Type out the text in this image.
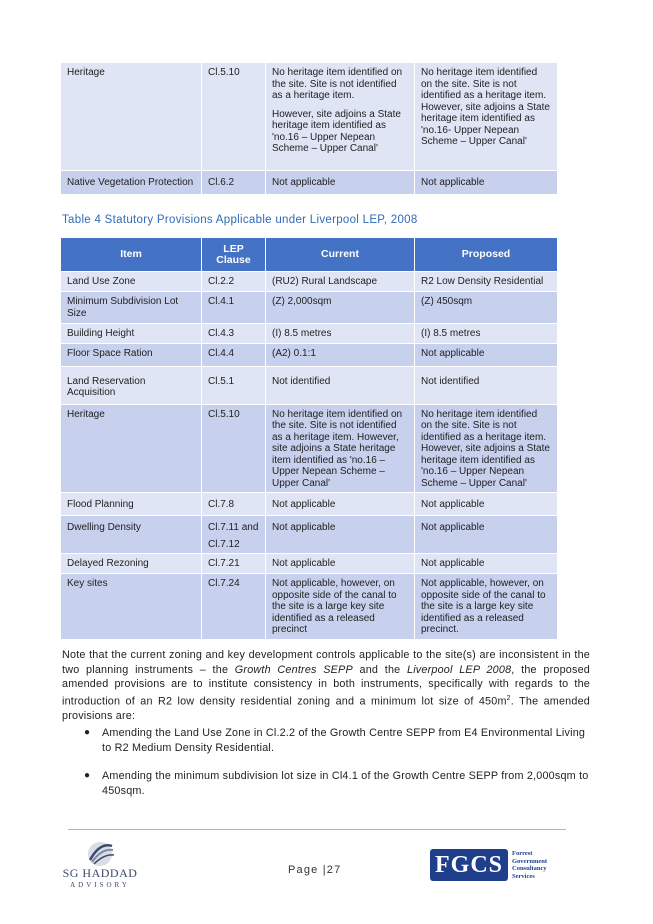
Heritage	Cl.5.10	No heritage item identified on the site. Site is not identified as a heritage item.

However, site adjoins a State heritage item identified as 'no.16 – Upper Nepean Scheme – Upper Canal'	No heritage item identified on the site. Site is not identified as a heritage item. However, site adjoins a State heritage item identified as 'no.16- Upper Nepean Scheme – Upper Canal'
Native Vegetation Protection	Cl.6.2	Not applicable	Not applicable

Table 4 Statutory Provisions Applicable under Liverpool LEP, 2008

Item	LEP Clause	Current	Proposed
Land Use Zone	Cl.2.2	(RU2) Rural Landscape	R2 Low Density Residential
Minimum Subdivision Lot Size	Cl.4.1	(Z) 2,000sqm	(Z) 450sqm
Building Height	Cl.4.3	(I) 8.5 metres	(I) 8.5 metres
Floor Space Ration	Cl.4.4	(A2) 0.1:1	Not applicable
Land Reservation Acquisition	Cl.5.1	Not identified	Not identified
Heritage	Cl.5.10	No heritage item identified on the site. Site is not identified as a heritage item. However, site adjoins a State heritage item identified as 'no.16 – Upper Nepean Scheme – Upper Canal'	No heritage item identified on the site. Site is not identified as a heritage item. However, site adjoins a State heritage item identified as 'no.16 – Upper Nepean Scheme – Upper Canal'
Flood Planning	Cl.7.8	Not applicable	Not applicable
Dwelling Density	Cl.7.11 and
Cl.7.12	Not applicable	Not applicable
Delayed Rezoning	Cl.7.21	Not applicable	Not applicable
Key sites	Cl.7.24	Not applicable, however, on opposite side of the canal to the site is a large key site identified as a released precinct	Not applicable, however, on opposite side of the canal to the site is a large key site identified as a released precinct.

Note that the current zoning and key development controls applicable to the site(s) are inconsistent in the two planning instruments – the Growth Centres SEPP and the Liverpool LEP 2008, the proposed amended provisions are to institute consistency in both instruments, specifically with regards to the introduction of an R2 low density residential zoning and a minimum lot size of $450m^2$. The amended provisions are:

● Amending the Land Use Zone in Cl.2.2 of the Growth Centre SEPP from E4 Environmental Living to R2 Medium Density Residential.
● Amending the minimum subdivision lot size in Cl4.1 of the Growth Centre SEPP from 2,000sqm to 450sqm.
SG HADDAD
ADVISORY
Page |27	FGCS	Forrest
Government
Consultancy
Services
